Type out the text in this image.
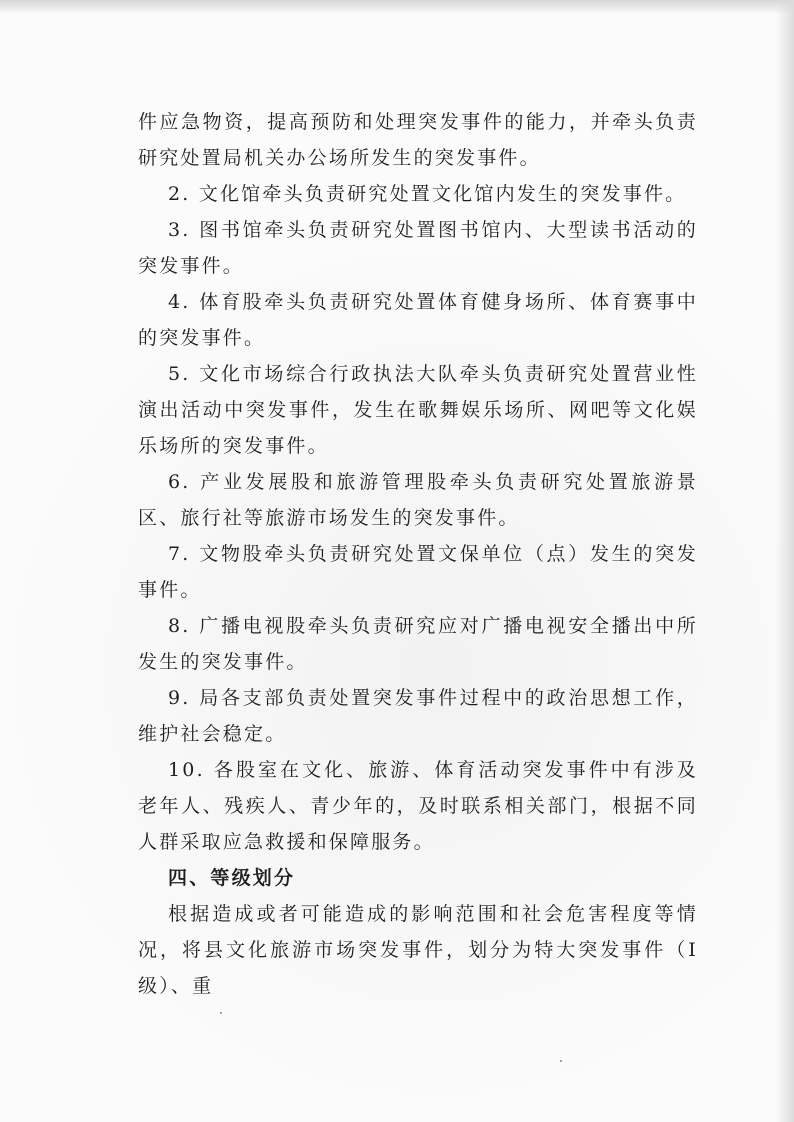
件应急物资，提高预防和处理突发事件的能力，并牵头负责研究处置局机关办公场所发生的突发事件。

2. 文化馆牵头负责研究处置文化馆内发生的突发事件。

3. 图书馆牵头负责研究处置图书馆内、大型读书活动的突发事件。

4. 体育股牵头负责研究处置体育健身场所、体育赛事中的突发事件。

5. 文化市场综合行政执法大队牵头负责研究处置营业性演出活动中突发事件，发生在歌舞娱乐场所、网吧等文化娱乐场所的突发事件。

6. 产业发展股和旅游管理股牵头负责研究处置旅游景区、旅行社等旅游市场发生的突发事件。

7. 文物股牵头负责研究处置文保单位（点）发生的突发事件。

8. 广播电视股牵头负责研究应对广播电视安全播出中所发生的突发事件。

9. 局各支部负责处置突发事件过程中的政治思想工作，维护社会稳定。

10. 各股室在文化、旅游、体育活动突发事件中有涉及老年人、残疾人、青少年的，及时联系相关部门，根据不同人群采取应急救援和保障服务。

四、等级划分

根据造成或者可能造成的影响范围和社会危害程度等情况，将县文化旅游市场突发事件，划分为特大突发事件（Ⅰ级）、重
